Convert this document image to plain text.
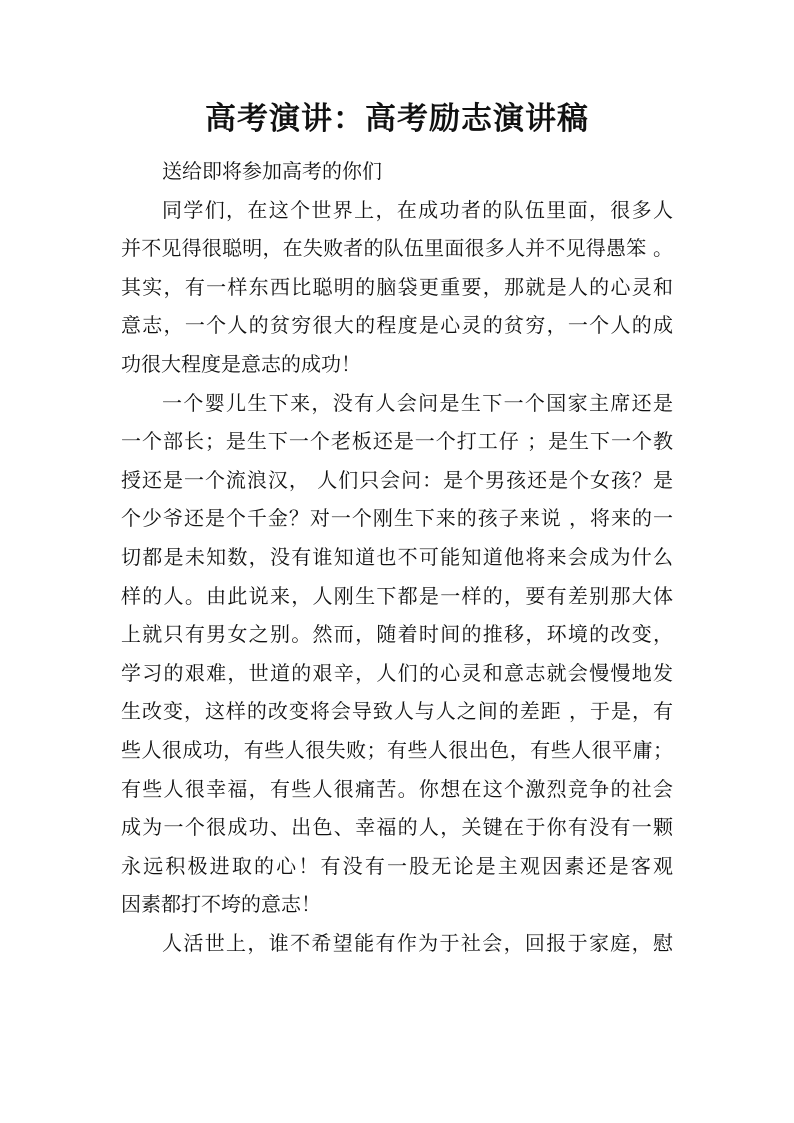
高考演讲：高考励志演讲稿
送给即将参加高考的你们
同学们，在这个世界上，在成功者的队伍里面，很多人
并不见得很聪明，在失败者的队伍里面很多人并不见得愚笨 。
其实，有一样东西比聪明的脑袋更重要，那就是人的心灵和
意志，一个人的贫穷很大的程度是心灵的贫穷，一个人的成
功很大程度是意志的成功！
一个婴儿生下来，没有人会问是生下一个国家主席还是
一个部长；是生下一个老板还是一个打工仔 ；是生下一个教
授还是一个流浪汉， 人们只会问：是个男孩还是个女孩？是
个少爷还是个千金？对一个刚生下来的孩子来说 ，将来的一
切都是未知数，没有谁知道也不可能知道他将来会成为什么
样的人。由此说来，人刚生下都是一样的，要有差别那大体
上就只有男女之别。然而，随着时间的推移，环境的改变，
学习的艰难，世道的艰辛，人们的心灵和意志就会慢慢地发
生改变，这样的改变将会导致人与人之间的差距 ，于是，有
些人很成功，有些人很失败；有些人很出色，有些人很平庸；
有些人很幸福，有些人很痛苦。你想在这个激烈竞争的社会
成为一个很成功、出色、幸福的人，关键在于你有没有一颗
永远积极进取的心！有没有一股无论是主观因素还是客观
因素都打不垮的意志！
人活世上，谁不希望能有作为于社会，回报于家庭，慰
